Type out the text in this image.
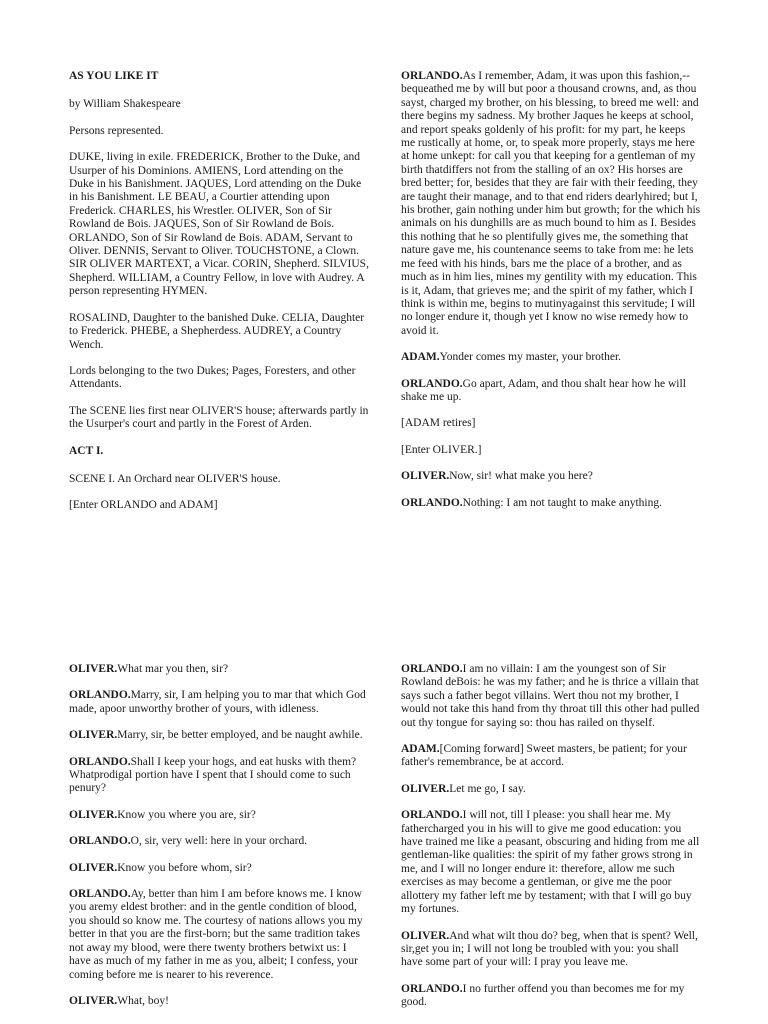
AS YOU LIKE IT

by William Shakespeare

Persons represented.

DUKE, living in exile. FREDERICK, Brother to the Duke, and Usurper of his Dominions. AMIENS, Lord attending on the Duke in his Banishment. JAQUES, Lord attending on the Duke in his Banishment. LE BEAU, a Courtier attending upon Frederick. CHARLES, his Wrestler. OLIVER, Son of Sir Rowland de Bois. JAQUES, Son of Sir Rowland de Bois. ORLANDO, Son of Sir Rowland de Bois. ADAM, Servant to Oliver. DENNIS, Servant to Oliver. TOUCHSTONE, a Clown. SIR OLIVER MARTEXT, a Vicar. CORIN, Shepherd. SILVIUS, Shepherd. WILLIAM, a Country Fellow, in love with Audrey. A person representing HYMEN.

ROSALIND, Daughter to the banished Duke. CELIA, Daughter to Frederick. PHEBE, a Shepherdess. AUDREY, a Country Wench.

Lords belonging to the two Dukes; Pages, Foresters, and other Attendants.

The SCENE lies first near OLIVER'S house; afterwards partly in the Usurper's court and partly in the Forest of Arden.

ACT I.

SCENE I. An Orchard near OLIVER'S house.

[Enter ORLANDO and ADAM]

ORLANDO.As I remember, Adam, it was upon this fashion,--bequeathed me by will but poor a thousand crowns, and, as thou sayst, charged my brother, on his blessing, to breed me well: and there begins my sadness. My brother Jaques he keeps at school, and report speaks goldenly of his profit: for my part, he keeps me rustically at home, or, to speak more properly, stays me here at home unkept: for call you that keeping for a gentleman of my birth thatdiffers not from the stalling of an ox? His horses are bred better; for, besides that they are fair with their feeding, they are taught their manage, and to that end riders dearlyhired; but I, his brother, gain nothing under him but growth; for the which his animals on his dunghills are as much bound to him as I. Besides this nothing that he so plentifully gives me, the something that nature gave me, his countenance seems to take from me: he lets me feed with his hinds, bars me the place of a brother, and as much as in him lies, mines my gentility with my education. This is it, Adam, that grieves me; and the spirit of my father, which I think is within me, begins to mutinyagainst this servitude; I will no longer endure it, though yet I know no wise remedy how to avoid it.

ADAM.Yonder comes my master, your brother.

ORLANDO.Go apart, Adam, and thou shalt hear how he will shake me up.

[ADAM retires]

[Enter OLIVER.]

OLIVER.Now, sir! what make you here?

ORLANDO.Nothing: I am not taught to make anything.

OLIVER.What mar you then, sir?

ORLANDO.Marry, sir, I am helping you to mar that which God made, apoor unworthy brother of yours, with idleness.

OLIVER.Marry, sir, be better employed, and be naught awhile.

ORLANDO.Shall I keep your hogs, and eat husks with them? Whatprodigal portion have I spent that I should come to such penury?

OLIVER.Know you where you are, sir?

ORLANDO.O, sir, very well: here in your orchard.

OLIVER.Know you before whom, sir?

ORLANDO.Ay, better than him I am before knows me. I know you aremy eldest brother: and in the gentle condition of blood, you should so know me. The courtesy of nations allows you my better in that you are the first-born; but the same tradition takes not away my blood, were there twenty brothers betwixt us: I have as much of my father in me as you, albeit; I confess, your coming before me is nearer to his reverence.

OLIVER.What, boy!

ORLANDO.I am no villain: I am the youngest son of Sir Rowland deBois: he was my father; and he is thrice a villain that says such a father begot villains. Wert thou not my brother, I would not take this hand from thy throat till this other had pulled out thy tongue for saying so: thou has railed on thyself.

ADAM.[Coming forward] Sweet masters, be patient; for your father's remembrance, be at accord.

OLIVER.Let me go, I say.

ORLANDO.I will not, till I please: you shall hear me. My fathercharged you in his will to give me good education: you have trained me like a peasant, obscuring and hiding from me all gentleman-like qualities: the spirit of my father grows strong in me, and I will no longer endure it: therefore, allow me such exercises as may become a gentleman, or give me the poor allottery my father left me by testament; with that I will go buy my fortunes.

OLIVER.And what wilt thou do? beg, when that is spent? Well, sir,get you in; I will not long be troubled with you: you shall have some part of your will: I pray you leave me.

ORLANDO.I no further offend you than becomes me for my good.
